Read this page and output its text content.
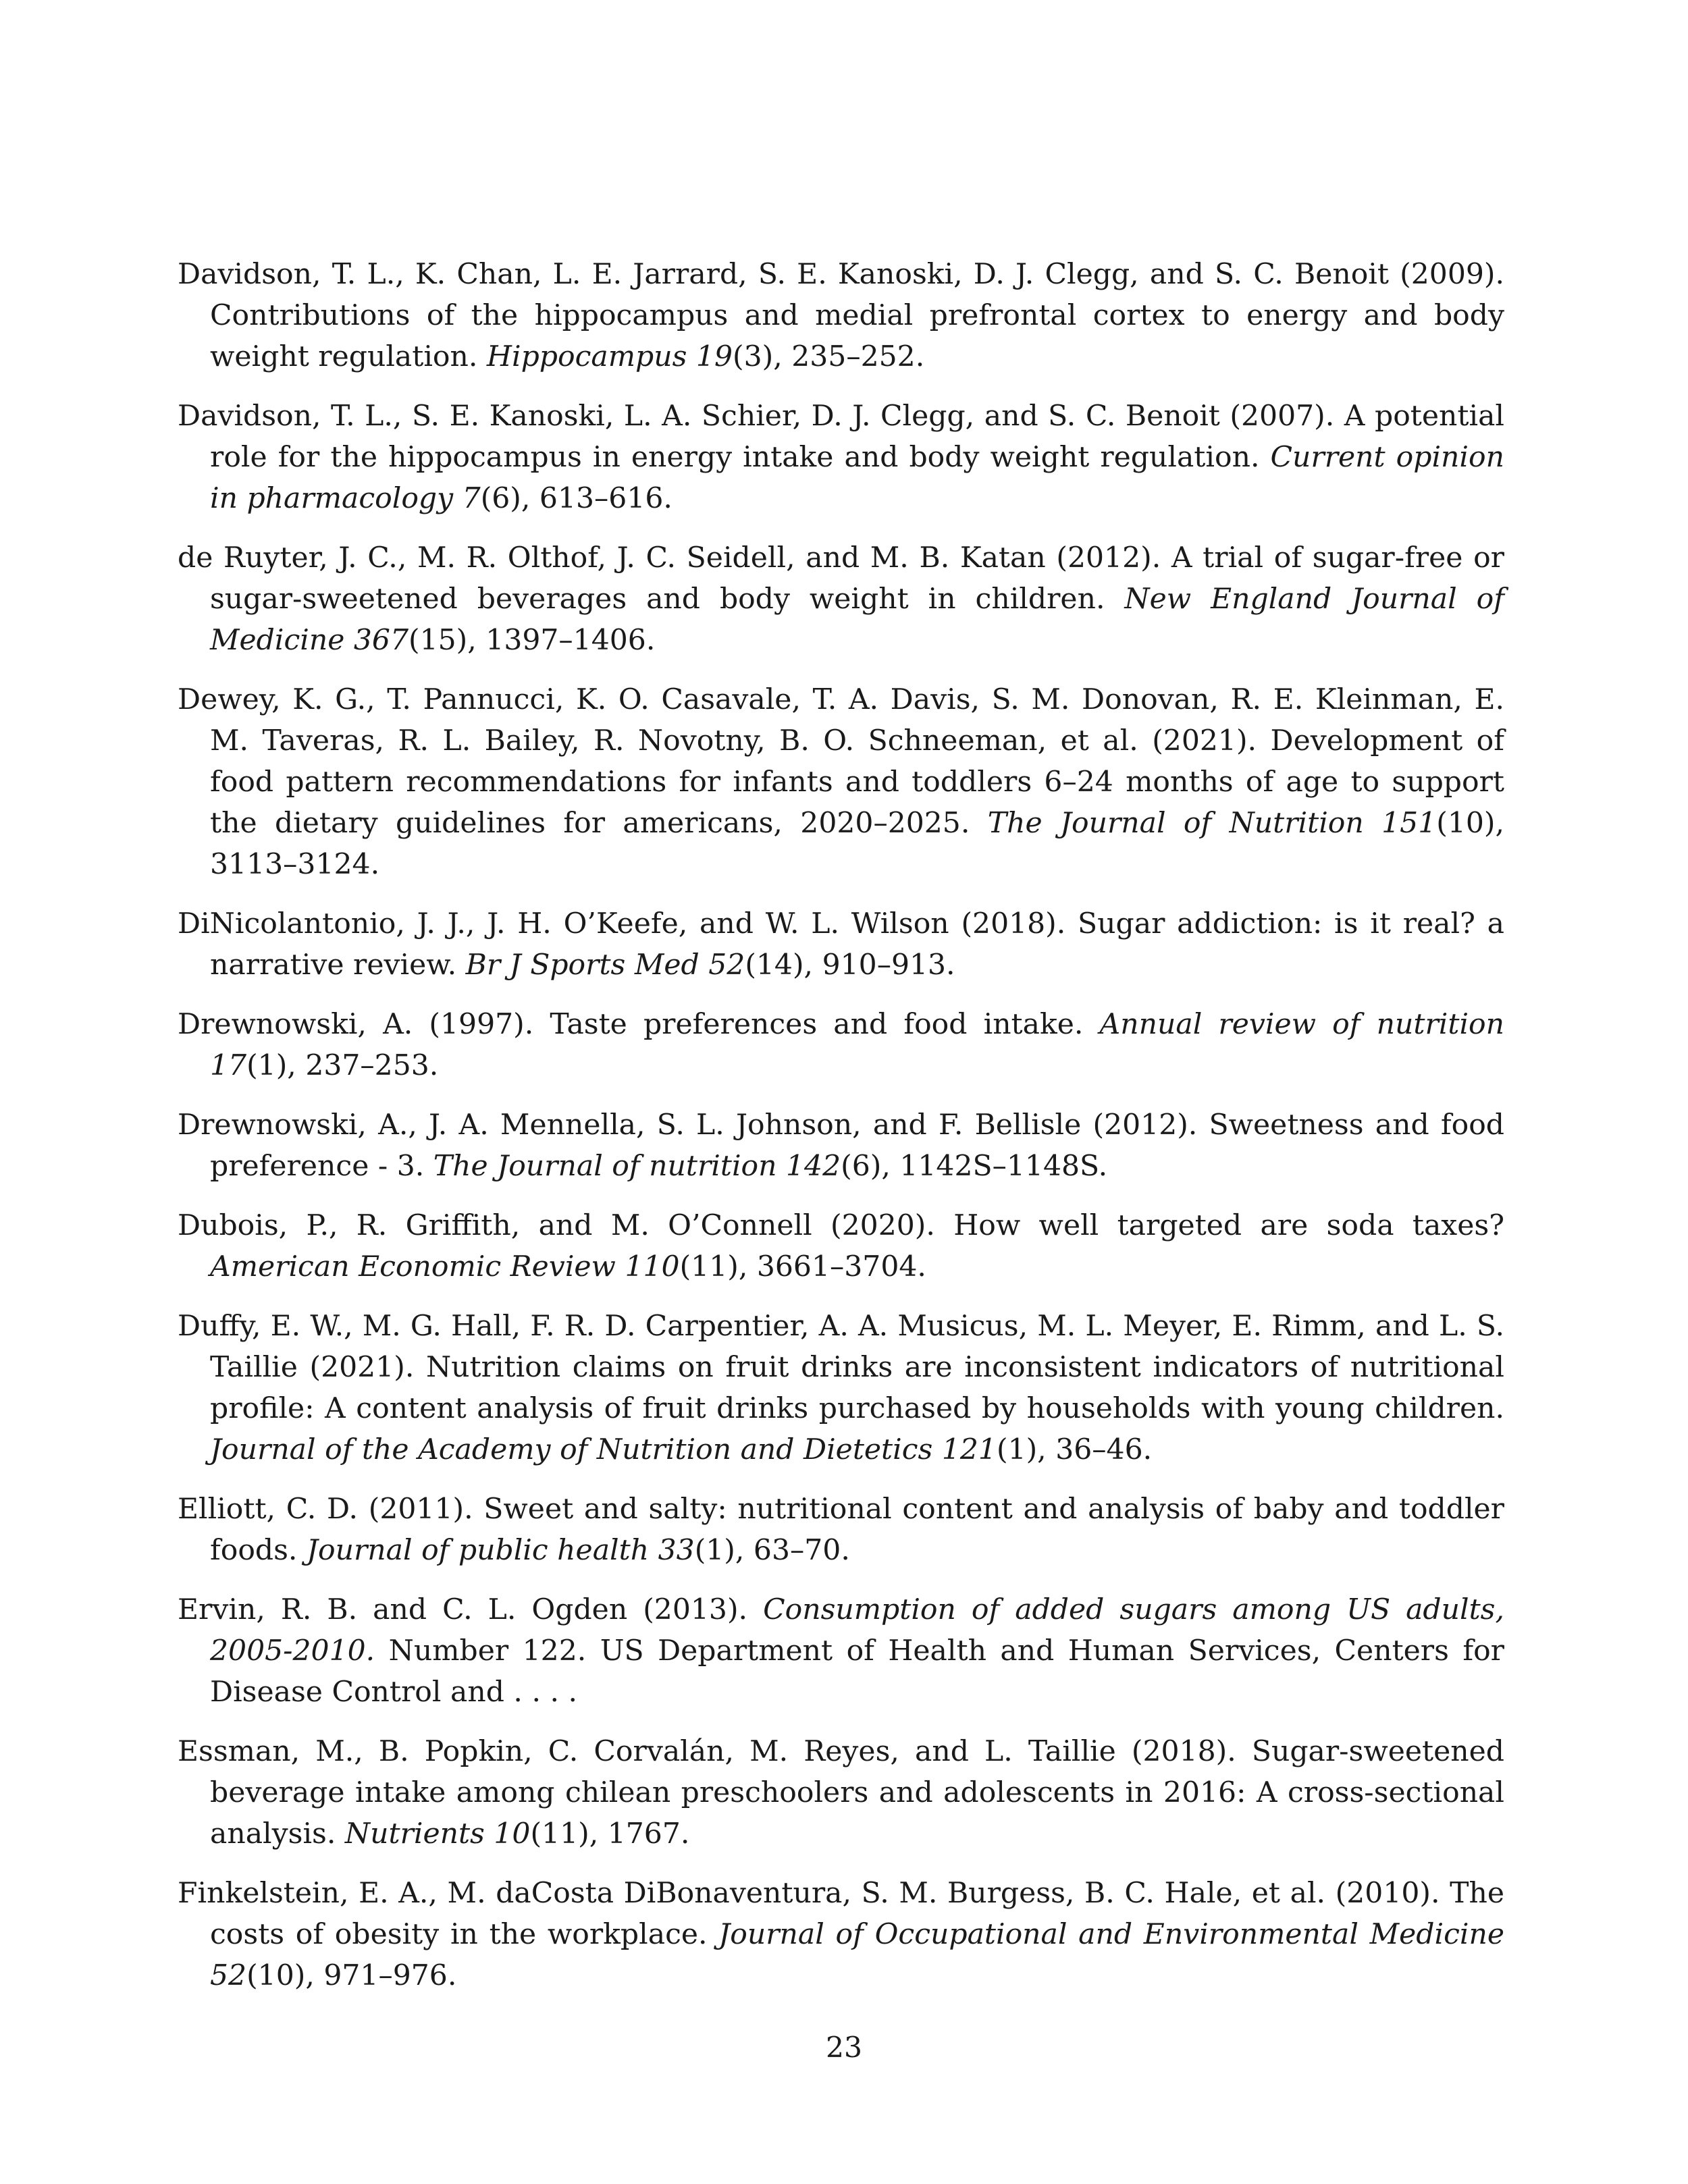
Davidson, T. L., K. Chan, L. E. Jarrard, S. E. Kanoski, D. J. Clegg, and S. C. Benoit (2009). Contributions of the hippocampus and medial prefrontal cortex to energy and body weight regulation. Hippocampus 19(3), 235–252.
Davidson, T. L., S. E. Kanoski, L. A. Schier, D. J. Clegg, and S. C. Benoit (2007). A potential role for the hippocampus in energy intake and body weight regulation. Current opinion in pharmacology 7(6), 613–616.
de Ruyter, J. C., M. R. Olthof, J. C. Seidell, and M. B. Katan (2012). A trial of sugar-free or sugar-sweetened beverages and body weight in children. New England Journal of Medicine 367(15), 1397–1406.
Dewey, K. G., T. Pannucci, K. O. Casavale, T. A. Davis, S. M. Donovan, R. E. Kleinman, E. M. Taveras, R. L. Bailey, R. Novotny, B. O. Schneeman, et al. (2021). Development of food pattern recommendations for infants and toddlers 6–24 months of age to support the dietary guidelines for americans, 2020–2025. The Journal of Nutrition 151(10), 3113–3124.
DiNicolantonio, J. J., J. H. O’Keefe, and W. L. Wilson (2018). Sugar addiction: is it real? a narrative review. Br J Sports Med 52(14), 910–913.
Drewnowski, A. (1997). Taste preferences and food intake. Annual review of nutrition 17(1), 237–253.
Drewnowski, A., J. A. Mennella, S. L. Johnson, and F. Bellisle (2012). Sweetness and food preference - 3. The Journal of nutrition 142(6), 1142S–1148S.
Dubois, P., R. Griffith, and M. O’Connell (2020). How well targeted are soda taxes? American Economic Review 110(11), 3661–3704.
Duffy, E. W., M. G. Hall, F. R. D. Carpentier, A. A. Musicus, M. L. Meyer, E. Rimm, and L. S. Taillie (2021). Nutrition claims on fruit drinks are inconsistent indicators of nutritional profile: A content analysis of fruit drinks purchased by households with young children. Journal of the Academy of Nutrition and Dietetics 121(1), 36–46.
Elliott, C. D. (2011). Sweet and salty: nutritional content and analysis of baby and toddler foods. Journal of public health 33(1), 63–70.
Ervin, R. B. and C. L. Ogden (2013). Consumption of added sugars among US adults, 2005-2010. Number 122. US Department of Health and Human Services, Centers for Disease Control and . . . .
Essman, M., B. Popkin, C. Corvalán, M. Reyes, and L. Taillie (2018). Sugar-sweetened beverage intake among chilean preschoolers and adolescents in 2016: A cross-sectional analysis. Nutrients 10(11), 1767.
Finkelstein, E. A., M. daCosta DiBonaventura, S. M. Burgess, B. C. Hale, et al. (2010). The costs of obesity in the workplace. Journal of Occupational and Environmental Medicine 52(10), 971–976.
23
